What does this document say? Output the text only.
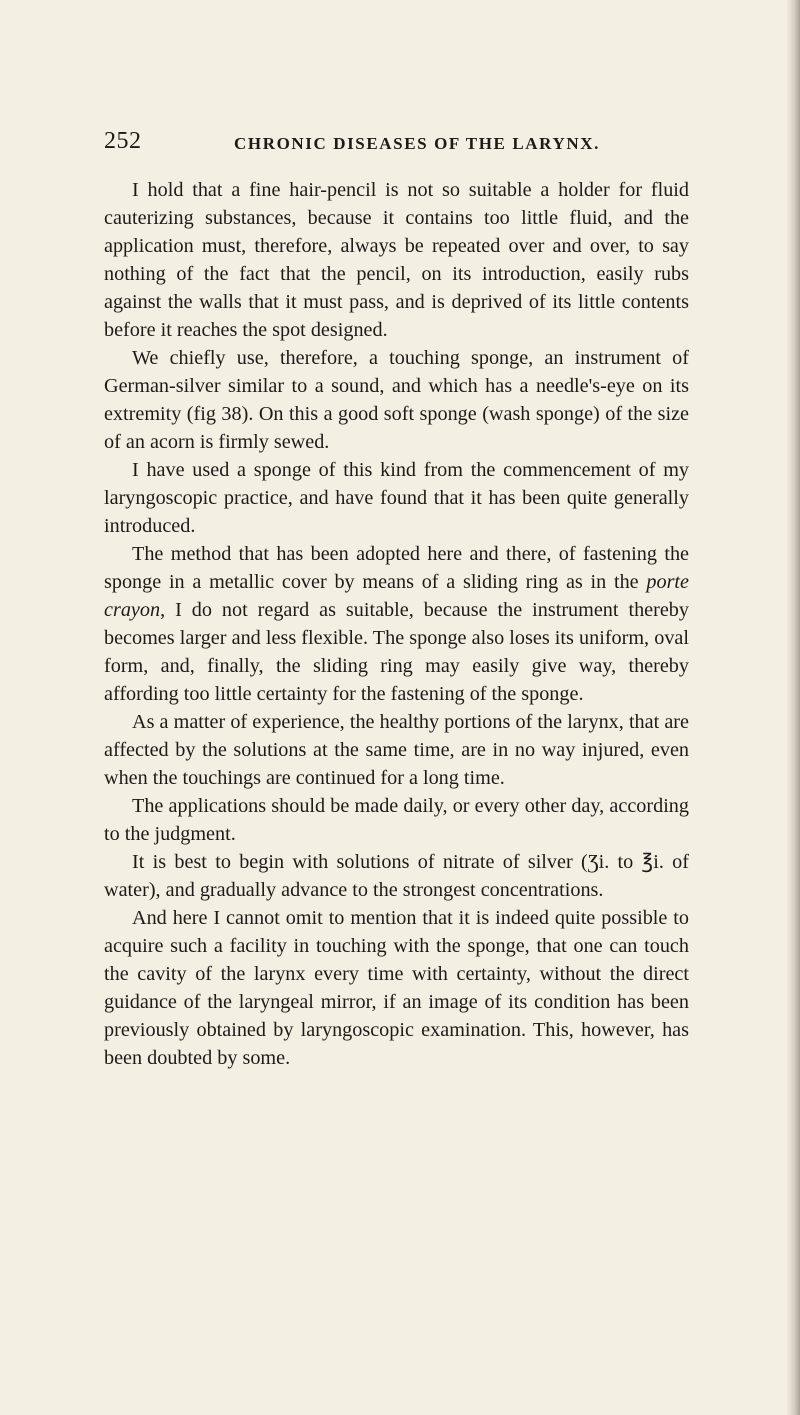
252	CHRONIC DISEASES OF THE LARYNX.

I hold that a fine hair-pencil is not so suitable a holder for fluid cauterizing substances, because it contains too little fluid, and the application must, therefore, always be repeated over and over, to say nothing of the fact that the pencil, on its introduction, easily rubs against the walls that it must pass, and is deprived of its little contents before it reaches the spot designed.

We chiefly use, therefore, a touching sponge, an instrument of German-silver similar to a sound, and which has a needle's-eye on its extremity (fig 38). On this a good soft sponge (wash sponge) of the size of an acorn is firmly sewed.

I have used a sponge of this kind from the commencement of my laryngoscopic practice, and have found that it has been quite generally introduced.

The method that has been adopted here and there, of fastening the sponge in a metallic cover by means of a sliding ring as in the porte crayon, I do not regard as suitable, because the instrument thereby becomes larger and less flexible. The sponge also loses its uniform, oval form, and, finally, the sliding ring may easily give way, thereby affording too little certainty for the fastening of the sponge.

As a matter of experience, the healthy portions of the larynx, that are affected by the solutions at the same time, are in no way injured, even when the touchings are continued for a long time.

The applications should be made daily, or every other day, according to the judgment.

It is best to begin with solutions of nitrate of silver (Ʒi. to ℥i. of water), and gradually advance to the strongest concentrations.

And here I cannot omit to mention that it is indeed quite possible to acquire such a facility in touching with the sponge, that one can touch the cavity of the larynx every time with certainty, without the direct guidance of the laryngeal mirror, if an image of its condition has been previously obtained by laryngoscopic examination. This, however, has been doubted by some.
